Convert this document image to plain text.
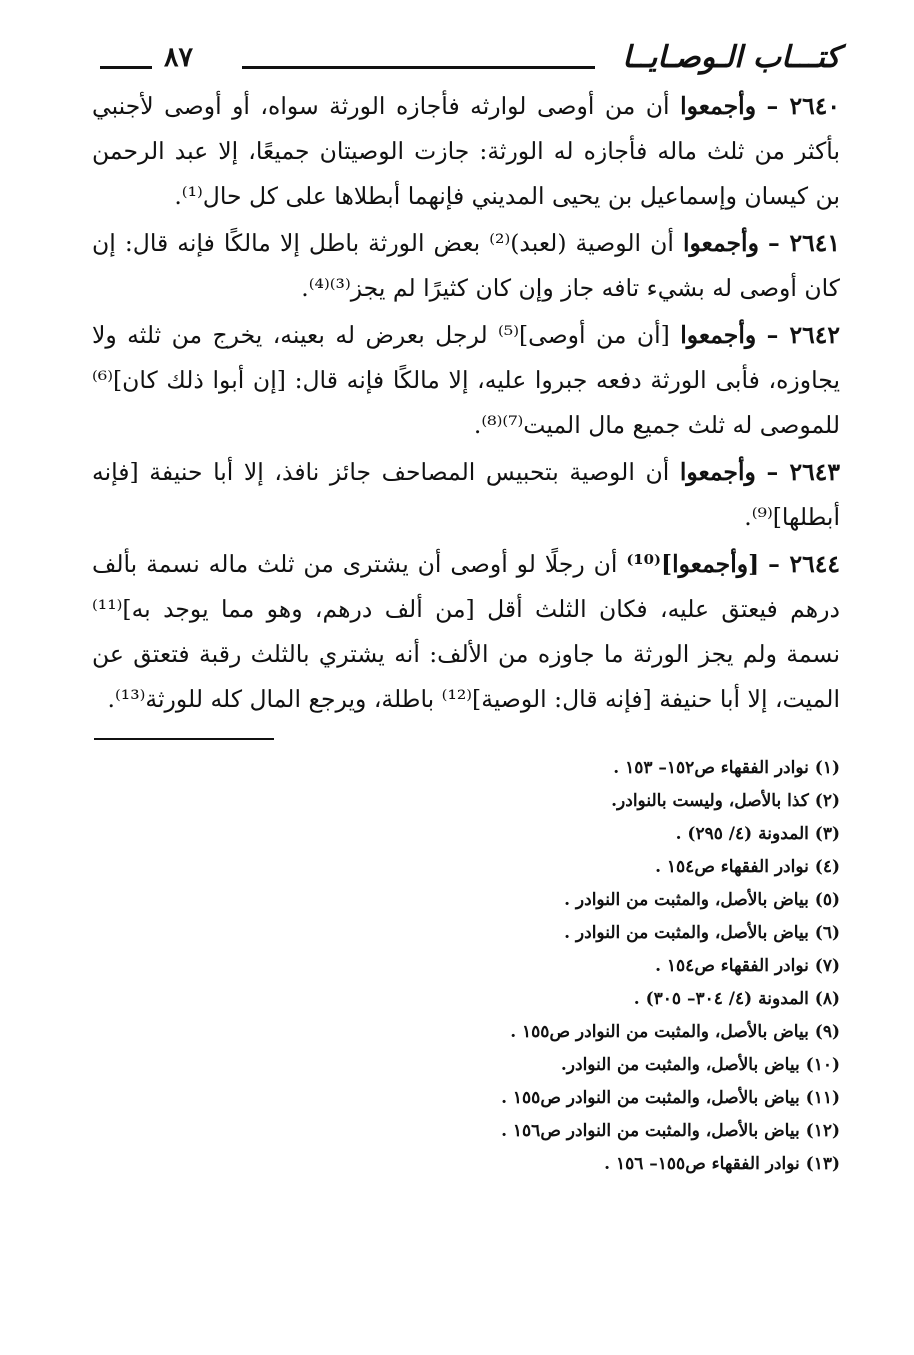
كتـــاب الـوصـايــا
٨٧

٢٦٤٠ – وأجمعوا أن من أوصى لوارثه فأجازه الورثة سواه، أو أوصى لأجنبي بأكثر من ثلث ماله فأجازه له الورثة: جازت الوصيتان جميعًا، إلا عبد الرحمن بن كيسان وإسماعيل بن يحيى المديني فإنهما أبطلاها على كل حال⁽¹⁾.

٢٦٤١ – وأجمعوا أن الوصية (لعبد)⁽²⁾ بعض الورثة باطل إلا مالكًا فإنه قال: إن كان أوصى له بشيء تافه جاز وإن كان كثيرًا لم يجز⁽³⁾⁽⁴⁾.

٢٦٤٢ – وأجمعوا [أن من أوصى]⁽⁵⁾ لرجل بعرض له بعينه، يخرج من ثلثه ولا يجاوزه، فأبى الورثة دفعه جبروا عليه، إلا مالكًا فإنه قال: [إن أبوا ذلك كان]⁽⁶⁾ للموصى له ثلث جميع مال الميت⁽⁷⁾⁽⁸⁾.

٢٦٤٣ – وأجمعوا أن الوصية بتحبيس المصاحف جائز نافذ، إلا أبا حنيفة [فإنه أبطلها]⁽⁹⁾.

٢٦٤٤ – [وأجمعوا]⁽¹⁰⁾ أن رجلًا لو أوصى أن يشترى من ثلث ماله نسمة بألف درهم فيعتق عليه، فكان الثلث أقل [من ألف درهم، وهو مما يوجد به]⁽¹¹⁾ نسمة ولم يجز الورثة ما جاوزه من الألف: أنه يشتري بالثلث رقبة فتعتق عن الميت، إلا أبا حنيفة [فإنه قال: الوصية]⁽¹²⁾ باطلة، ويرجع المال كله للورثة⁽¹³⁾.

(١) نوادر الفقهاء ص١٥٢– ١٥٣ .
(٢) كذا بالأصل، وليست بالنوادر.
(٣) المدونة (٤/ ٢٩٥) .
(٤) نوادر الفقهاء ص١٥٤ .
(٥) بياض بالأصل، والمثبت من النوادر .
(٦) بياض بالأصل، والمثبت من النوادر .
(٧) نوادر الفقهاء ص١٥٤ .
(٨) المدونة (٤/ ٣٠٤– ٣٠٥) .
(٩) بياض بالأصل، والمثبت من النوادر ص١٥٥ .
(١٠) بياض بالأصل، والمثبت من النوادر.
(١١) بياض بالأصل، والمثبت من النوادر ص١٥٥ .
(١٢) بياض بالأصل، والمثبت من النوادر ص١٥٦ .
(١٣) نوادر الفقهاء ص١٥٥– ١٥٦ .
